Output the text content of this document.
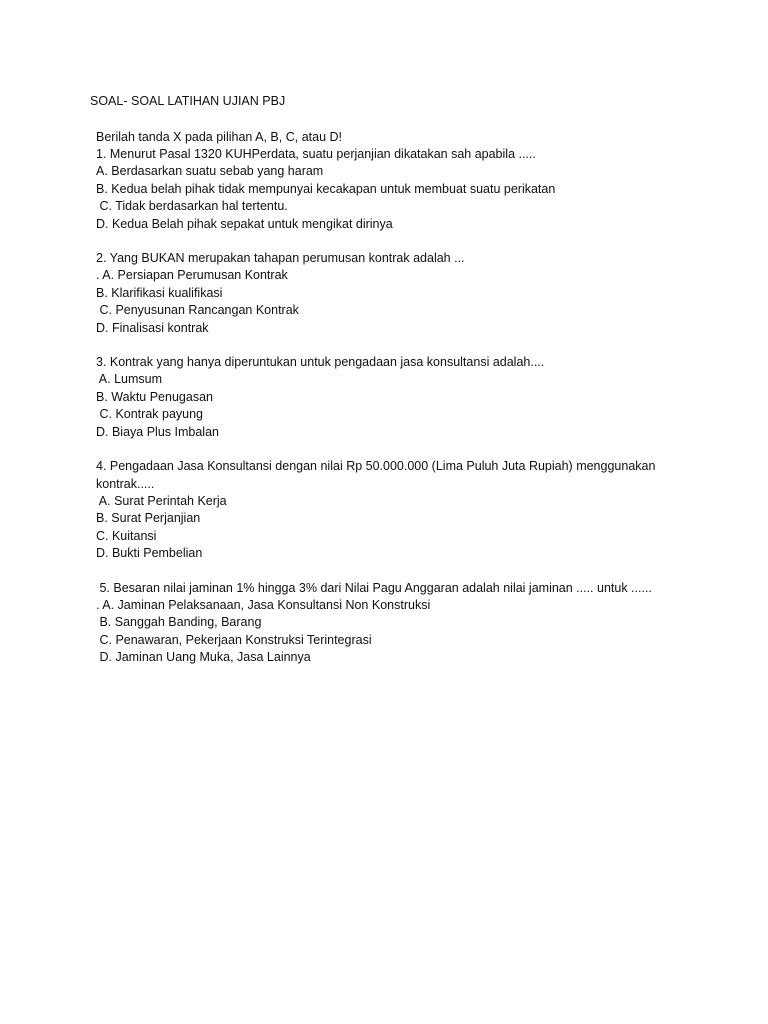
SOAL- SOAL LATIHAN UJIAN PBJ
Berilah tanda X pada pilihan A, B, C, atau D!
1. Menurut Pasal 1320 KUHPerdata, suatu perjanjian dikatakan sah apabila .....
A. Berdasarkan suatu sebab yang haram
B. Kedua belah pihak tidak mempunyai kecakapan untuk membuat suatu perikatan
C. Tidak berdasarkan hal tertentu.
D. Kedua Belah pihak sepakat untuk mengikat dirinya
2. Yang BUKAN merupakan tahapan perumusan kontrak adalah ...
. A. Persiapan Perumusan Kontrak
B. Klarifikasi kualifikasi
C. Penyusunan Rancangan Kontrak
D. Finalisasi kontrak
3. Kontrak yang hanya diperuntukan untuk pengadaan jasa konsultansi adalah....
A. Lumsum
B. Waktu Penugasan
C. Kontrak payung
D. Biaya Plus Imbalan
4. Pengadaan Jasa Konsultansi dengan nilai Rp 50.000.000 (Lima Puluh Juta Rupiah) menggunakan kontrak.....
A. Surat Perintah Kerja
B. Surat Perjanjian
C. Kuitansi
D. Bukti Pembelian
5. Besaran nilai jaminan 1% hingga 3% dari Nilai Pagu Anggaran adalah nilai jaminan ..... untuk ......
. A. Jaminan Pelaksanaan, Jasa Konsultansi Non Konstruksi
B. Sanggah Banding, Barang
C. Penawaran, Pekerjaan Konstruksi Terintegrasi
D. Jaminan Uang Muka, Jasa Lainnya
